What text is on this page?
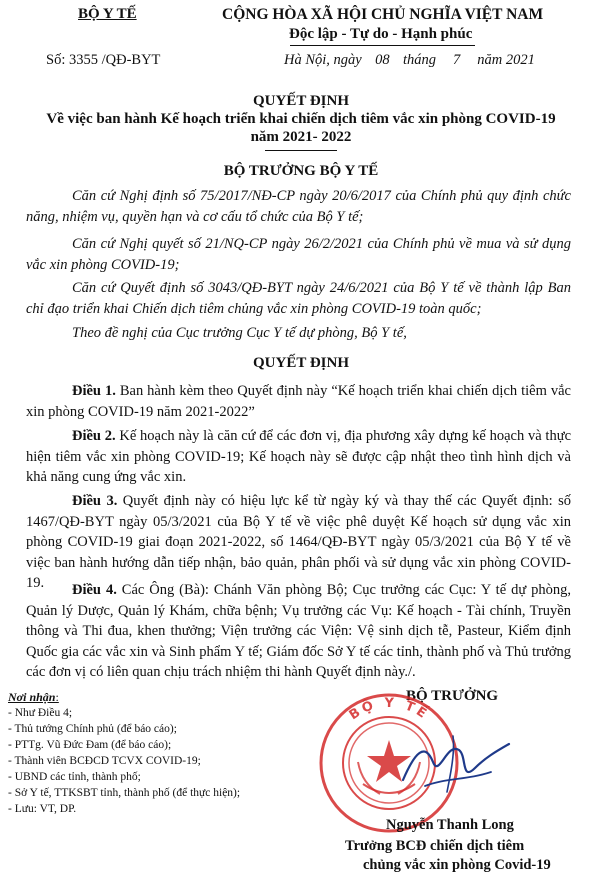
BỘ Y TẾ	CỘNG HÒA XÃ HỘI CHỦ NGHĨA VIỆT NAM
Độc lập - Tự do - Hạnh phúc
Số: 3355 /QĐ-BYT	Hà Nội, ngày 08 tháng 7 năm 2021
QUYẾT ĐỊNH
Về việc ban hành Kế hoạch triển khai chiến dịch tiêm vắc xin phòng COVID-19
năm 2021- 2022
BỘ TRƯỞNG BỘ Y TẾ
Căn cứ Nghị định số 75/2017/NĐ-CP ngày 20/6/2017 của Chính phủ quy định chức năng, nhiệm vụ, quyền hạn và cơ cấu tổ chức của Bộ Y tế;
Căn cứ Nghị quyết số 21/NQ-CP ngày 26/2/2021 của Chính phủ về mua và sử dụng vắc xin phòng COVID-19;
Căn cứ Quyết định số 3043/QĐ-BYT ngày 24/6/2021 của Bộ Y tế về thành lập Ban chỉ đạo triển khai Chiến dịch tiêm chủng vắc xin phòng COVID-19 toàn quốc;
Theo đề nghị của Cục trưởng Cục Y tế dự phòng, Bộ Y tế,
QUYẾT ĐỊNH
Điều 1. Ban hành kèm theo Quyết định này “Kế hoạch triển khai chiến dịch tiêm vắc xin phòng COVID-19 năm 2021-2022”
Điều 2. Kế hoạch này là căn cứ để các đơn vị, địa phương xây dựng kế hoạch và thực hiện tiêm vắc xin phòng COVID-19; Kế hoạch này sẽ được cập nhật theo tình hình dịch và khả năng cung ứng vắc xin.
Điều 3. Quyết định này có hiệu lực kể từ ngày ký và thay thế các Quyết định: số 1467/QĐ-BYT ngày 05/3/2021 của Bộ Y tế về việc phê duyệt Kế hoạch sử dụng vắc xin phòng COVID-19 giai đoạn 2021-2022, số 1464/QĐ-BYT ngày 05/3/2021 của Bộ Y tế về việc ban hành hướng dẫn tiếp nhận, bảo quản, phân phối và sử dụng vắc xin phòng COVID-19.	Điều 4. Các Ông (Bà): Chánh Văn phòng Bộ; Cục trưởng các Cục: Y tế dự phòng, Quản lý Dược, Quản lý Khám, chữa bệnh; Vụ trưởng các Vụ: Kế hoạch - Tài chính, Truyền thông và Thi đua, khen thưởng; Viện trưởng các Viện: Vệ sinh dịch tễ, Pasteur, Kiểm định Quốc gia các vắc xin và Sinh phẩm Y tế; Giám đốc Sở Y tế các tỉnh, thành phố và Thủ trưởng các đơn vị có liên quan chịu trách nhiệm thi hành Quyết định này./.
Nơi nhận:
- Như Điều 4;
- Thủ tướng Chính phủ (để báo cáo);
- PTTg. Vũ Đức Đam (để báo cáo);
- Thành viên BCĐCD TCVX COVID-19;
- UBND các tỉnh, thành phố;
- Sở Y tế, TTKSBT tỉnh, thành phố (để thực hiện);
- Lưu: VT, DP.
BỘ TRƯỞNG
BỘ Y TẾ
Nguyễn Thanh Long
Trưởng BCĐ chiến dịch tiêm
chủng vắc xin phòng Covid-19
